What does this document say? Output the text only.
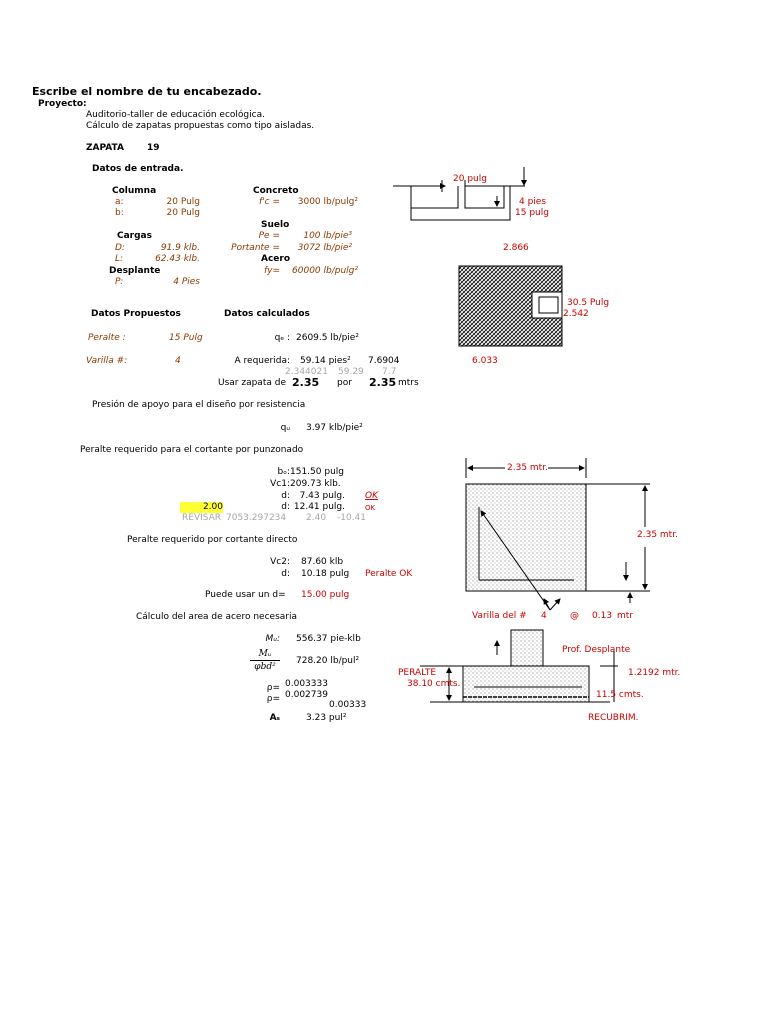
Escribe el nombre de tu encabezado.
Proyecto:
Auditorio-taller de educación ecológica.
Cálculo de zapatas propuestas como tipo aisladas.
ZAPATA	19
Datos de entrada.
Columna
a:	20 Pulg
b:	20 Pulg
Cargas
D:	91.9 klb.
L:	62.43 klb.
Desplante
P:	4 Pies
Concreto
f'c =	3000 lb/pulg²
Suelo
Pe =	100 lb/pie³
Portante =	3072 lb/pie²
Acero
fy= 60000 lb/pulg²
Datos Propuestos	Datos calculados
Peralte :	15 Pulg
Varilla #:	4
qₑ : 2609.5 lb/pie²
A requerida: 59.14 pies² 7.6904	6.033
2.344021 59.29 7.7
Usar zapata de 2.35 por 2.35 mtrs
Presión de apoyo para el diseño por resistencia
qᵤ 3.97 klb/pie²
Peralte requerido para el cortante por punzonado
bₒ: 151.50 pulg
Vc1: 209.73 klb.
d:	7.43 pulg. OK
2.00	d: 12.41 pulg.	OK
REVISAR 7053.297234 2.40 -10.41
Peralte requerido por cortante directo
Vc2: 87.60 klb
d: 10.18 pulg Peralte OK
Puede usar un d= 15.00 pulg
Cálculo del area de acero necesaria
Mᵤ: 556.37 pie-klb
Mᵤ
φbd²
728.20 lb/pul²
ρ= 0.003333
ρ= 0.002739
0.00333
Aₛ	3.23 pul²
20 pulg
4 pies
15 pulg
2.866
30.5 Pulg
2.542
2.35 mtr.
2.35 mtr.
Varilla del # 4	@ 0.13 mtr
Prof. Desplante
1.2192 mtr.
PERALTE
38.10 cmts.
11.5 cmts.
RECUBRIM.
